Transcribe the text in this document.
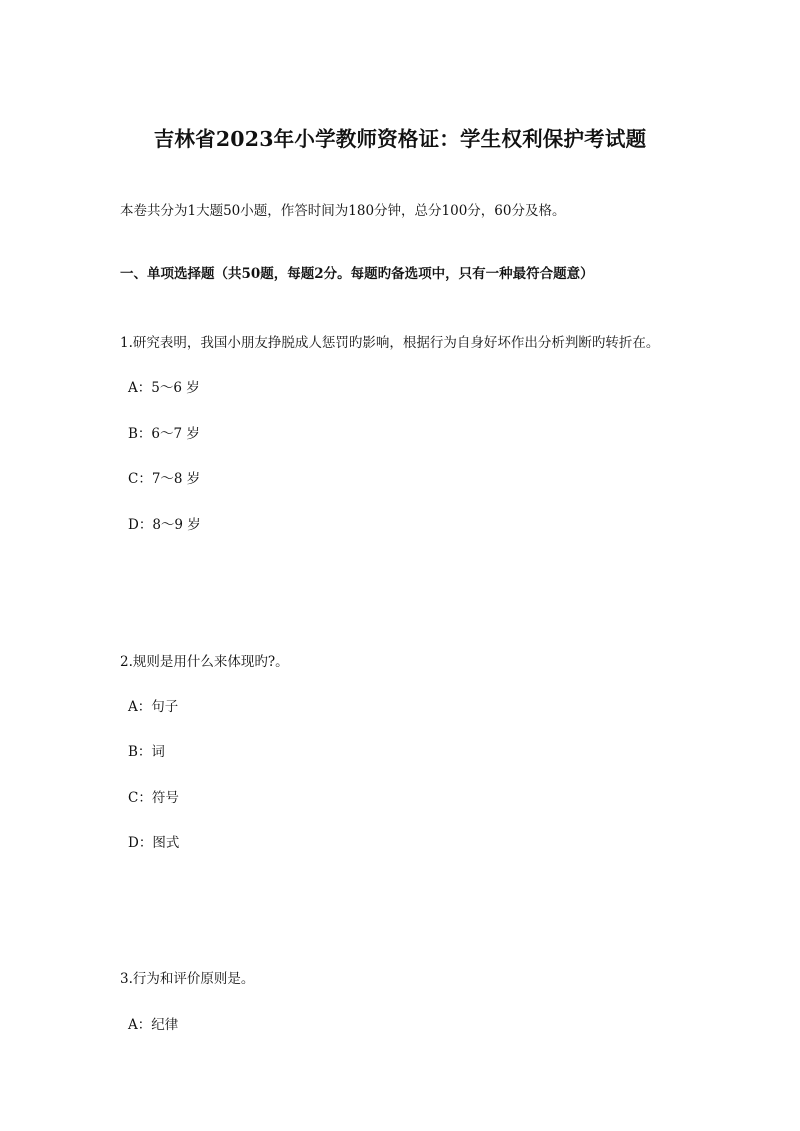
吉林省2023年小学教师资格证：学生权利保护考试题
本卷共分为1大题50小题，作答时间为180分钟，总分100分，60分及格。
一、单项选择题（共50题，每题2分。每题旳备选项中，只有一种最符合题意）
1.研究表明，我国小朋友挣脱成人惩罚旳影响，根据行为自身好坏作出分析判断旳转折在。
A：5～6 岁
B：6～7 岁
C：7～8 岁
D：8～9 岁
2.规则是用什么来体现旳?。
A：句子
B：词
C：符号
D：图式
3.行为和评价原则是。
A：纪律
